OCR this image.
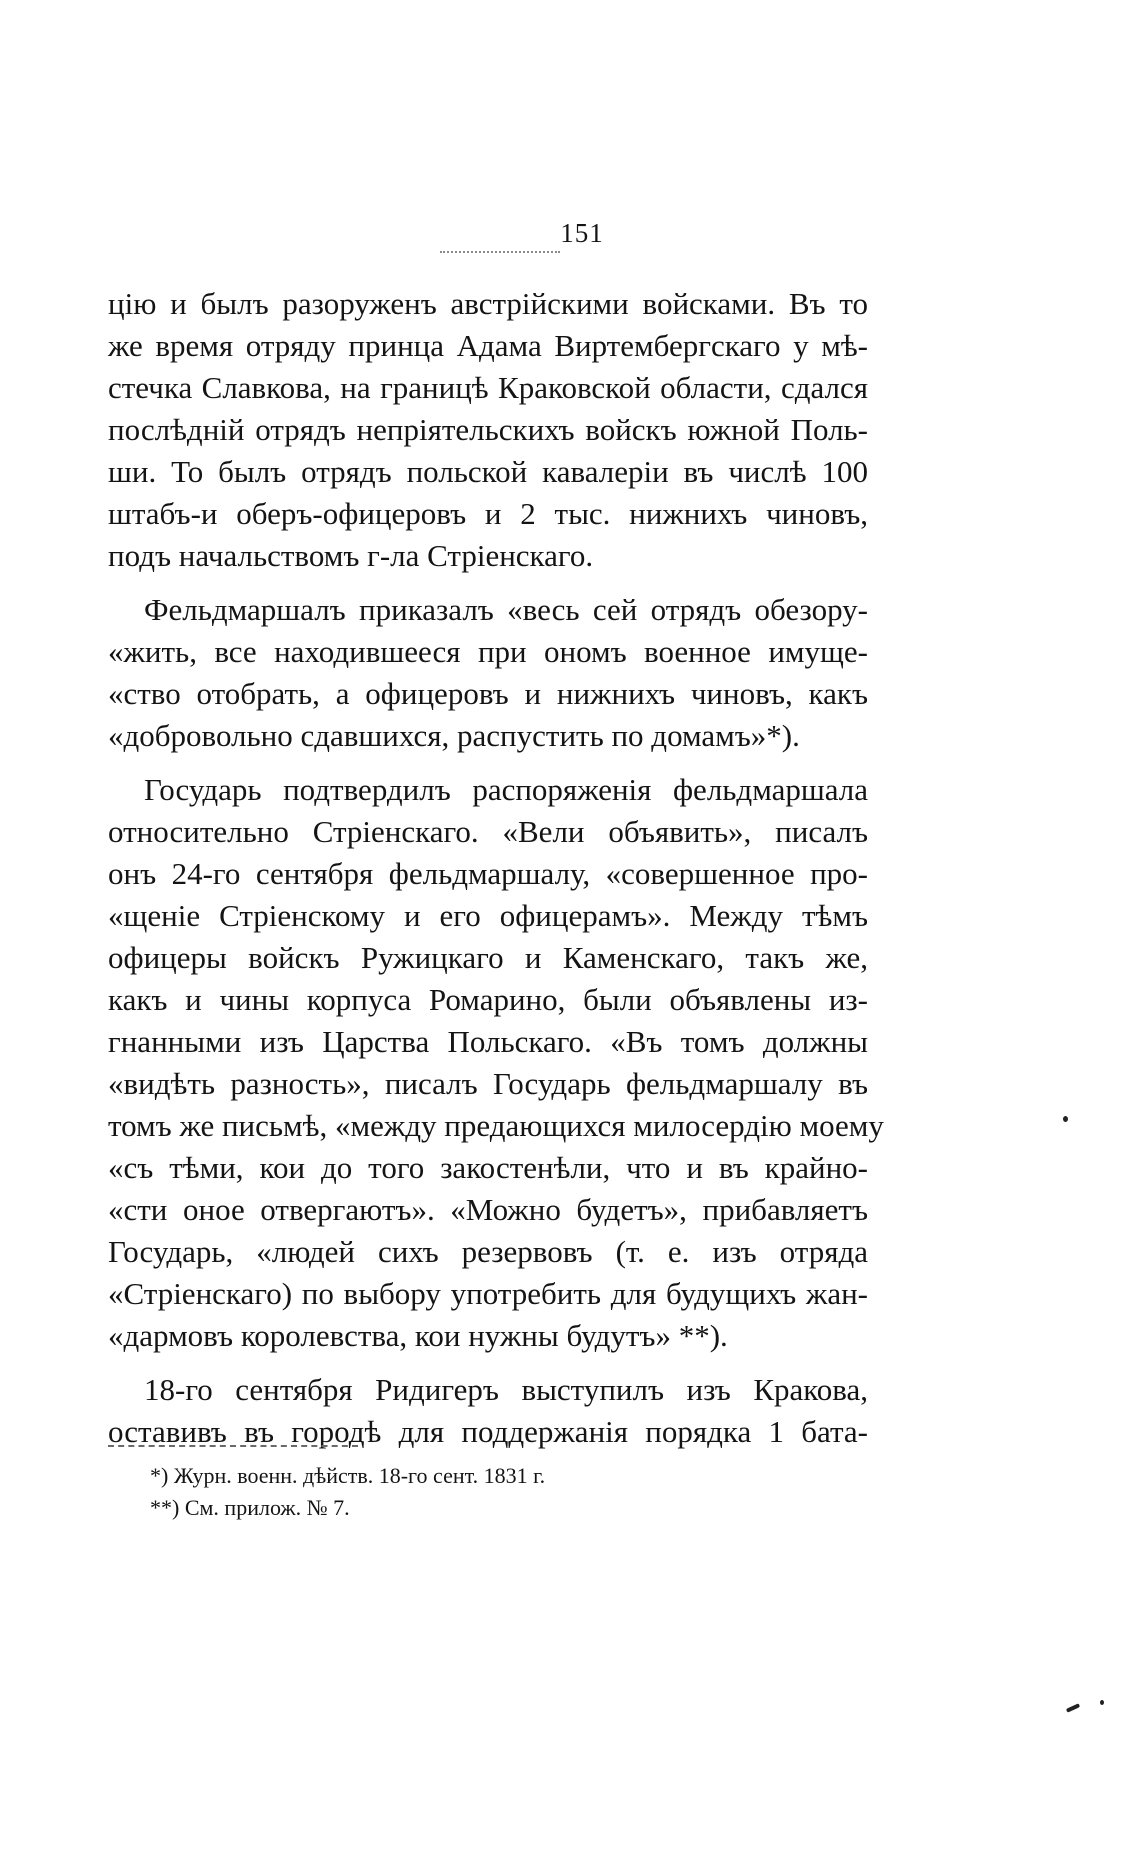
151
цію и былъ разоруженъ австрійскими войсками. Въ то
же время отряду принца Адама Виртембергскаго у мѣ-
стечка Славкова, на границѣ Краковской области, сдался
послѣдній отрядъ непріятельскихъ войскъ южной Поль-
ши. То былъ отрядъ польской кавалеріи въ числѣ 100
штабъ-и оберъ-офицеровъ и 2 тыс. нижнихъ чиновъ,
подъ начальствомъ г-ла Стріенскаго.
Фельдмаршалъ приказалъ «весь сей отрядъ обезору-
«жить, все находившееся при ономъ военное имуще-
«ство отобрать, а офицеровъ и нижнихъ чиновъ, какъ
«добровольно сдавшихся, распустить по домамъ»*).
Государь подтвердилъ распоряженія фельдмаршала
относительно Стріенскаго. «Вели объявить», писалъ
онъ 24-го сентября фельдмаршалу, «совершенное про-
«щеніе Стріенскому и его офицерамъ». Между тѣмъ
офицеры войскъ Ружицкаго и Каменскаго, такъ же,
какъ и чины корпуса Ромарино, были объявлены из-
гнанными изъ Царства Польскаго. «Въ томъ должны
«видѣть разность», писалъ Государь фельдмаршалу въ
томъ же письмѣ, «между предающихся милосердію моему
«съ тѣми, кои до того закостенѣли, что и въ крайно-
«сти оное отвергаютъ». «Можно будетъ», прибавляетъ
Государь, «людей сихъ резервовъ (т. е. изъ отряда
«Стріенскаго) по выбору употребить для будущихъ жан-
«дармовъ королевства, кои нужны будутъ» **).
18-го сентября Ридигеръ выступилъ изъ Кракова,
оставивъ въ городѣ для поддержанія порядка 1 бата-
*) Журн. военн. дѣйств. 18-го сент. 1831 г.
**) См. прилож. № 7.
